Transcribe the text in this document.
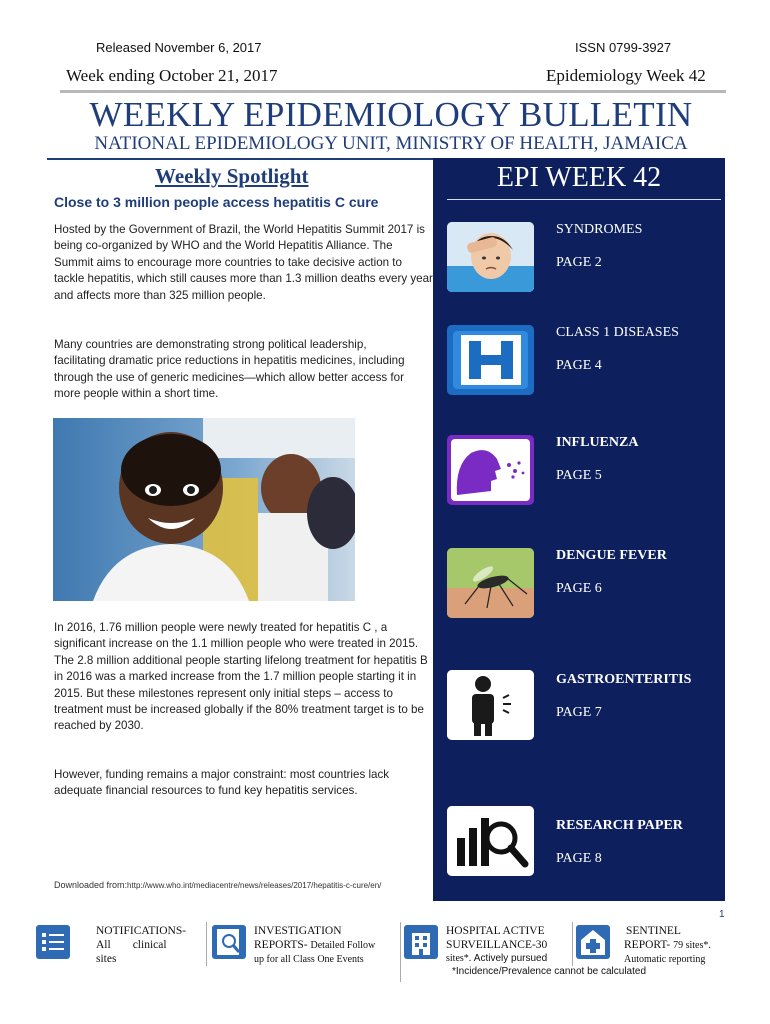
Released November 6, 2017	ISSN 0799-3927
Week ending October 21, 2017	Epidemiology Week 42
WEEKLY EPIDEMIOLOGY BULLETIN
NATIONAL EPIDEMIOLOGY UNIT, MINISTRY OF HEALTH, JAMAICA
Weekly Spotlight
Close to 3 million people access hepatitis C cure
Hosted by the Government of Brazil, the World Hepatitis Summit 2017 is being co-organized by WHO and the World Hepatitis Alliance. The Summit aims to encourage more countries to take decisive action to tackle hepatitis, which still causes more than 1.3 million deaths every year and affects more than 325 million people.
Many countries are demonstrating strong political leadership, facilitating dramatic price reductions in hepatitis medicines, including through the use of generic medicines—which allow better access for more people within a short time.
In 2016, 1.76 million people were newly treated for hepatitis C , a significant increase on the 1.1 million people who were treated in 2015. The 2.8 million additional people starting lifelong treatment for hepatitis B in 2016 was a marked increase from the 1.7 million people starting it in 2015. But these milestones represent only initial steps – access to treatment must be increased globally if the 80% treatment target is to be reached by 2030.
However, funding remains a major constraint: most countries lack adequate financial resources to fund key hepatitis services.
Downloaded from:http://www.who.int/mediacentre/news/releases/2017/hepatitis-c-cure/en/
EPI WEEK 42
SYNDROMES
PAGE 2
CLASS 1 DISEASES
PAGE 4
INFLUENZA
PAGE 5
DENGUE FEVER
PAGE 6
GASTROENTERITIS
PAGE 7
RESEARCH PAPER
PAGE 8
1
NOTIFICATIONS-
All clinical
sites
INVESTIGATION
REPORTS- Detailed Follow
up for all Class One Events
HOSPITAL ACTIVE
SURVEILLANCE-30
sites*. Actively pursued
SENTINEL
REPORT- 79 sites*.
Automatic reporting
*Incidence/Prevalence cannot be calculated
